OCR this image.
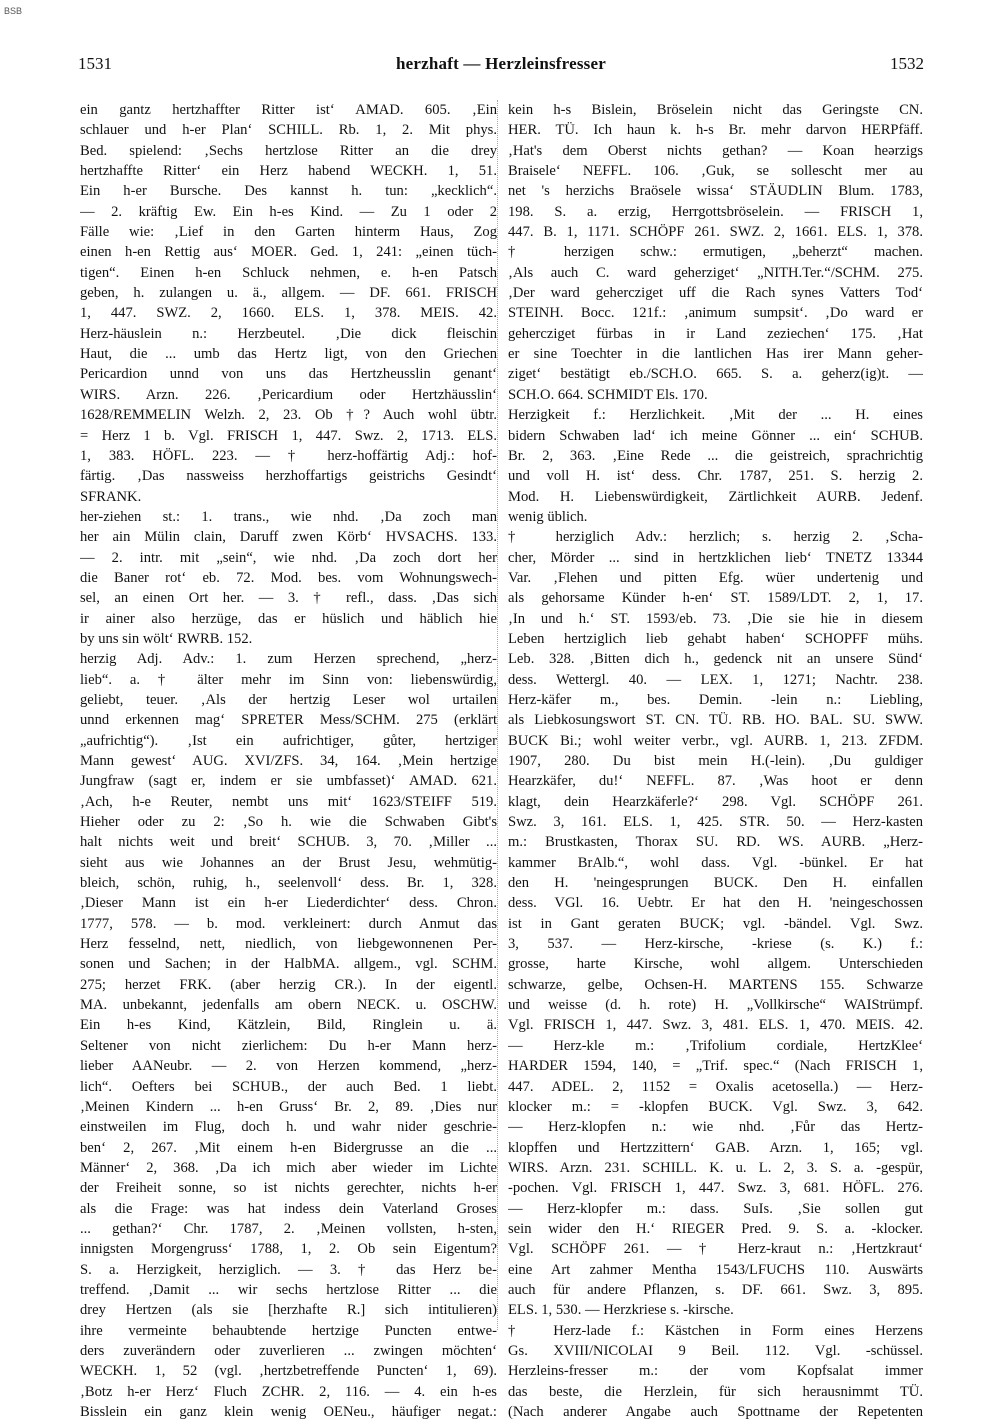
BSB
1531	herzhaft — Herzleinsfresser	1532
ein gantz hertzhaffter Ritter ist‘ AMAD. 605. ‚Ein
schlauer und h-er Plan‘ SCHILL. Rb. 1, 2. Mit phys.
Bed. spielend: ‚Sechs hertzlose Ritter an die drey
hertzhaffte Ritter‘ ein Herz habend WECKH. 1, 51.
Ein h-er Bursche. Des kannst h. tun: „kecklich“.
— 2. kräftig Ew. Ein h-es Kind. — Zu 1 oder 2
Fälle wie: ‚Lief in den Garten hinterm Haus, Zog
einen h-en Rettig aus‘ MOER. Ged. 1, 241: „einen tüch-
tigen“. Einen h-en Schluck nehmen, e. h-en Patsch
geben, h. zulangen u. ä., allgem. — DF. 661. FRISCH
1, 447. SWZ. 2, 1660. ELS. 1, 378. MEIS. 42.
Herz-häuslein n.: Herzbeutel. ‚Die dick fleischin
Haut, die ... umb das Hertz ligt, von den Griechen
Pericardion unnd von uns das Hertzheusslin genant‘
WIRS. Arzn. 226. ‚Pericardium oder Hertzhäusslin‘
1628/REMMELIN Welzh. 2, 23. Ob †? Auch wohl übtr.
= Herz 1 b. Vgl. FRISCH 1, 447. Swz. 2, 1713. ELS.
1, 383. HÖFL. 223. — † herz-hoffärtig Adj.: hof-
färtig. ‚Das nassweiss herzhoffartigs geistrichs Gesindt‘
SFRANK.
her-ziehen st.: 1. trans., wie nhd. ‚Da zoch man
her ain Mülin clain, Daruff zwen Körb‘ HVSACHS. 133.
— 2. intr. mit „sein“, wie nhd. ‚Da zoch dort her
die Baner rot‘ eb. 72. Mod. bes. vom Wohnungswech-
sel, an einen Ort her. — 3. † refl., dass. ‚Das sich
ir ainer also herzüge, das er hüslich und häblich hie
by uns sin wölt‘ RWRB. 152.
herzig Adj. Adv.: 1. zum Herzen sprechend, „herz-
lieb“. a. † älter mehr im Sinn von: liebenswürdig,
geliebt, teuer. ‚Als der hertzig Leser wol urtailen
unnd erkennen mag‘ SPRETER Mess/SCHM. 275 (erklärt
„aufrichtig“). ‚Ist ein aufrichtiger, gůter, hertziger
Mann gewest‘ AUG. XVI/ZFS. 34, 164. ‚Mein hertzige
Jungfraw (sagt er, indem er sie umbfasset)‘ AMAD. 621.
‚Ach, h-e Reuter, nembt uns mit‘ 1623/STEIFF 519.
Hieher oder zu 2: ‚So h. wie die Schwaben Gibt's
halt nichts weit und breit‘ SCHUB. 3, 70. ‚Miller ...
sieht aus wie Johannes an der Brust Jesu, wehmütig-
bleich, schön, ruhig, h., seelenvoll‘ dess. Br. 1, 328.
‚Dieser Mann ist ein h-er Liederdichter‘ dess. Chron.
1777, 578. — b. mod. verkleinert: durch Anmut das
Herz fesselnd, nett, niedlich, von liebgewonnenen Per-
sonen und Sachen; in der HalbMA. allgem., vgl. SCHM.
275; herzet FRK. (aber herzig CR.). In der eigentl.
MA. unbekannt, jedenfalls am obern NECK. u. OSCHW.
Ein h-es Kind, Kätzlein, Bild, Ringlein u. ä.
Seltener von nicht zierlichem: Du h-er Mann herz-
lieber AANeubr. — 2. von Herzen kommend, „herz-
lich“. Oefters bei SCHUB., der auch Bed. 1 liebt.
‚Meinen Kindern ... h-en Gruss‘ Br. 2, 89. ‚Dies nur
einstweilen im Flug, doch h. und wahr nider geschrie-
ben‘ 2, 267. ‚Mit einem h-en Bidergrusse an die ...
Männer‘ 2, 368. ‚Da ich mich aber wieder im Lichte
der Freiheit sonne, so ist nichts gerechter, nichts h-er
als die Frage: was hat indess dein Vaterland Groses
... gethan?‘ Chr. 1787, 2. ‚Meinen vollsten, h-sten,
innigsten Morgengruss‘ 1788, 1, 2. Ob sein Eigentum?
S. a. Herzigkeit, herziglich. — 3. † das Herz be-
treffend. ‚Damit ... wir sechs hertzlose Ritter ... die
drey Hertzen (als sie [herzhafte R.] sich intitulieren)
ihre vermeinte behaubtende hertzige Puncten entwe-
ders zuverändern oder zuverlieren ... zwingen möchten‘
WECKH. 1, 52 (vgl. ‚hertzbetreffende Puncten‘ 1, 69).
‚Botz h-er Herz‘ Fluch ZCHR. 2, 116. — 4. ein h-es
Bisslein ein ganz klein wenig OENeu., häufiger negat.:
kein h-s Bislein, Bröselein nicht das Geringste CN.
HER. TÜ. Ich haun k. h-s Br. mehr darvon HERPfäff.
‚Hat's dem Oberst nichts gethan? — Koan heərzigs
Braisele‘ NEFFL. 106. ‚Guk, se sollescht mer au
net 's herzichs Braösele wissa‘ STÄUDLIN Blum. 1783,
198. S. a. erzig, Herrgottsbröselein. — FRISCH 1,
447. B. 1, 1171. SCHÖPF 261. SWZ. 2, 1661. ELS. 1, 378.
† herzigen schw.: ermutigen, „beherzt“ machen.
‚Als auch C. ward geherziget‘ „NITH.Ter.“/SCHM. 275.
‚Der ward gehercziget uff die Rach synes Vatters Tod‘
STEINH. Bocc. 121f.: ‚animum sumpsit‘. ‚Do ward er
gehercziget fürbas in ir Land zeziechen‘ 175. ‚Hat
er sine Toechter in die lantlichen Has irer Mann geher-
ziget‘ bestätigt eb./SCH.O. 665. S. a. geherz(ig)t. —
SCH.O. 664. SCHMIDT Els. 170.
Herzigkeit f.: Herzlichkeit. ‚Mit der ... H. eines
bidern Schwaben lad‘ ich meine Gönner ... ein‘ SCHUB.
Br. 2, 363. ‚Eine Rede ... die geistreich, sprachrichtig
und voll H. ist‘ dess. Chr. 1787, 251. S. herzig 2.
Mod. H. Liebenswürdigkeit, Zärtlichkeit AURB. Jedenf.
wenig üblich.
† herziglich Adv.: herzlich; s. herzig 2. ‚Scha-
cher, Mörder ... sind in hertzklichen lieb‘ TNETZ 13344
Var. ‚Flehen und pitten Efg. wüer undertenig und
als gehorsame Künder h-en‘ ST. 1589/LDT. 2, 1, 17.
‚In und h.‘ ST. 1593/eb. 73. ‚Die sie hie in diesem
Leben hertziglich lieb gehabt haben‘ SCHOPFF mühs.
Leb. 328. ‚Bitten dich h., gedenck nit an unsere Sünd‘
dess. Wettergl. 40. — LEX. 1, 1271; Nachtr. 238.
Herz-käfer m., bes. Demin. -lein n.: Liebling,
als Liebkosungswort ST. CN. TÜ. RB. HO. BAL. SU. SWW.
BUCK Bi.; wohl weiter verbr., vgl. AURB. 1, 213. ZFDM.
1907, 280. Du bist mein H.(-lein). ‚Du guldiger
Hearzkäfer, du!‘ NEFFL. 87. ‚Was hoot er denn
klagt, dein Hearzkäferle?‘ 298. Vgl. SCHÖPF 261.
Swz. 3, 161. ELS. 1, 425. STR. 50. — Herz-kasten
m.: Brustkasten, Thorax SU. RD. WS. AURB. „Herz-
kammer BrAlb.“, wohl dass. Vgl. -bünkel. Er hat
den H. 'neingesprungen BUCK. Den H. einfallen
dess. VGl. 16. Uebtr. Er hat den H. 'neingeschossen
ist in Gant geraten BUCK; vgl. -bändel. Vgl. Swz.
3, 537. — Herz-kirsche, -kriese (s. K.) f.:
grosse, harte Kirsche, wohl allgem. Unterschieden
schwarze, gelbe, Ochsen-H. MARTENS 155. Schwarze
und weisse (d. h. rote) H. „Vollkirsche“ WAIStrümpf.
Vgl. FRISCH 1, 447. Swz. 3, 481. ELS. 1, 470. MEIS. 42.
— Herz-kle m.: ‚Trifolium cordiale, HertzKlee‘
HARDER 1594, 140, = „Trif. spec.“ (Nach FRISCH 1,
447. ADEL. 2, 1152 = Oxalis acetosella.) — Herz-
klocker m.: = -klopfen BUCK. Vgl. Swz. 3, 642.
— Herz-klopfen n.: wie nhd. ‚Fůr das Hertz-
klopffen und Hertzzittern‘ GAB. Arzn. 1, 165; vgl.
WIRS. Arzn. 231. SCHILL. K. u. L. 2, 3. S. a. -gespür,
-pochen. Vgl. FRISCH 1, 447. Swz. 3, 681. HÖFL. 276.
— Herz-klopfer m.: dass. SuIs. ‚Sie sollen gut
sein wider den H.‘ RIEGER Pred. 9. S. a. -klocker.
Vgl. SCHÖPF 261. — † Herz-kraut n.: ‚Hertzkraut‘
eine Art zahmer Mentha 1543/LFUCHS 110. Auswärts
auch für andere Pflanzen, s. DF. 661. Swz. 3, 895.
ELS. 1, 530. — Herzkriese s. -kirsche.
† Herz-lade f.: Kästchen in Form eines Herzens
Gs. XVIII/NICOLAI 9 Beil. 112. Vgl. -schüssel.
Herzleins-fresser m.: der vom Kopfsalat immer
das beste, die Herzlein, für sich herausnimmt TÜ.
(Nach anderer Angabe auch Spottname der Repetenten
